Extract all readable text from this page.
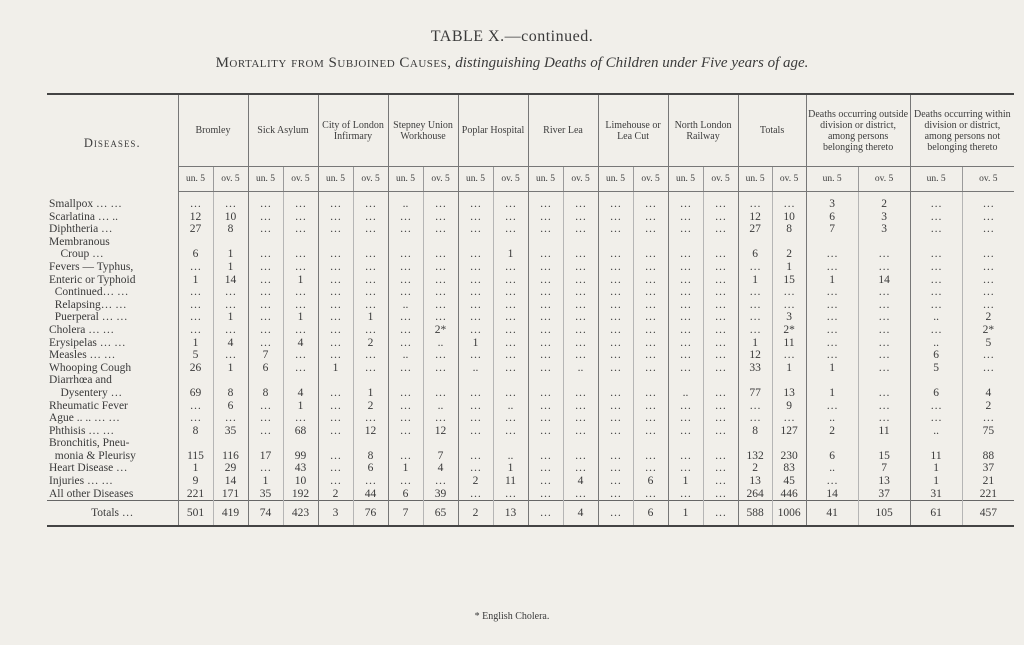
TABLE X.—continued.
Mortality from Subjoined Causes, distinguishing Deaths of Children under Five years of age.
Diseases.	Bromley		Sick Asylum		City of London Infirmary		Stepney Union Workhouse		Poplar Hospital		River Lea		Limehouse or Lea Cut		North London Railway		Totals		Deaths occurring outside division or district, among persons belonging thereto		Deaths occurring within division or district, among persons not belonging thereto	
	un. 5	ov. 5	un. 5	ov. 5	un. 5	ov. 5	un. 5	ov. 5	un. 5	ov. 5	un. 5	ov. 5	un. 5	ov. 5	un. 5	ov. 5	un. 5	ov. 5	un. 5	ov. 5	un. 5	ov. 5
Smallpox … …	…	…	…	…	…	…	..	…	…	…	…	…	…	…	…	…	…	…	3	2	…	…
Scarlatina … ..	12	10	…	…	…	…	…	…	…	…	…	…	…	…	…	…	12	10	6	3	…	…
Diphtheria …	27	8	…	…	…	…	…	…	…	…	…	…	…	…	…	…	27	8	7	3	…	…
Membranous																						
Croup …	6	1	…	…	…	…	…	…	…	1	…	…	…	…	…	…	6	2	…	…	…	…
Fevers — Typhus,	…	1	…	…	…	…	…	…	…	…	…	…	…	…	…	…	…	1	…	…	…	…
Enteric or Typhoid	1	14	…	1	…	…	…	…	…	…	…	…	…	…	…	…	1	15	1	14	…	…
Continued… …	…	…	…	…	…	…	…	…	…	…	…	…	…	…	…	…	…	…	…	…	…	…
Relapsing… …	…	…	…	…	…	…	..	…	…	…	…	…	…	…	…	…	…	…	…	…	…	…
Puerperal … …	…	1	…	1	…	1	…	…	…	…	…	…	…	…	…	…	…	3	…	…	..	2
Cholera … …	…	…	…	…	…	…	…	2*	…	…	…	…	…	…	…	…	…	2*	…	…	…	2*
Erysipelas … …	1	4	…	4	…	2	…	..	1	…	…	…	…	…	…	…	1	11	…	…	..	5
Measles … …	5	…	7	…	…	…	..	…	…	…	…	…	…	…	…	…	12	…	…	…	6	…
Whooping Cough	26	1	6	…	1	…	…	…	..	…	…	..	…	…	…	…	33	1	1	…	5	…
Diarrhœa and																						
Dysentery …	69	8	8	4	…	1	…	…	…	…	…	…	…	…	..	…	77	13	1	…	6	4
Rheumatic Fever	…	6	…	1	…	2	…	..	…	..	…	…	…	…	…	…	…	9	…	…	…	2
Ague .. .. … …	…	…	…	…	…	…	…	…	…	…	…	…	…	…	…	…	…	…	..	…	…	…
Phthisis … …	8	35	…	68	…	12	…	12	…	…	…	…	…	…	…	…	8	127	2	11	..	75
Bronchitis, Pneu-																						
monia & Pleurisy	115	116	17	99	…	8	…	7	…	..	…	…	…	…	…	…	132	230	6	15	11	88
Heart Disease …	1	29	…	43	…	6	1	4	…	1	…	…	…	…	…	…	2	83	..	7	1	37
Injuries … …	9	14	1	10	…	…	…	…	2	11	…	4	…	6	1	…	13	45	…	13	1	21
All other Diseases	221	171	35	192	2	44	6	39	…	…	…	…	…	…	…	…	264	446	14	37	31	221
Totals …	501	419	74	423	3	76	7	65	2	13	…	4	…	6	1	…	588	1006	41	105	61	457
* English Cholera.
